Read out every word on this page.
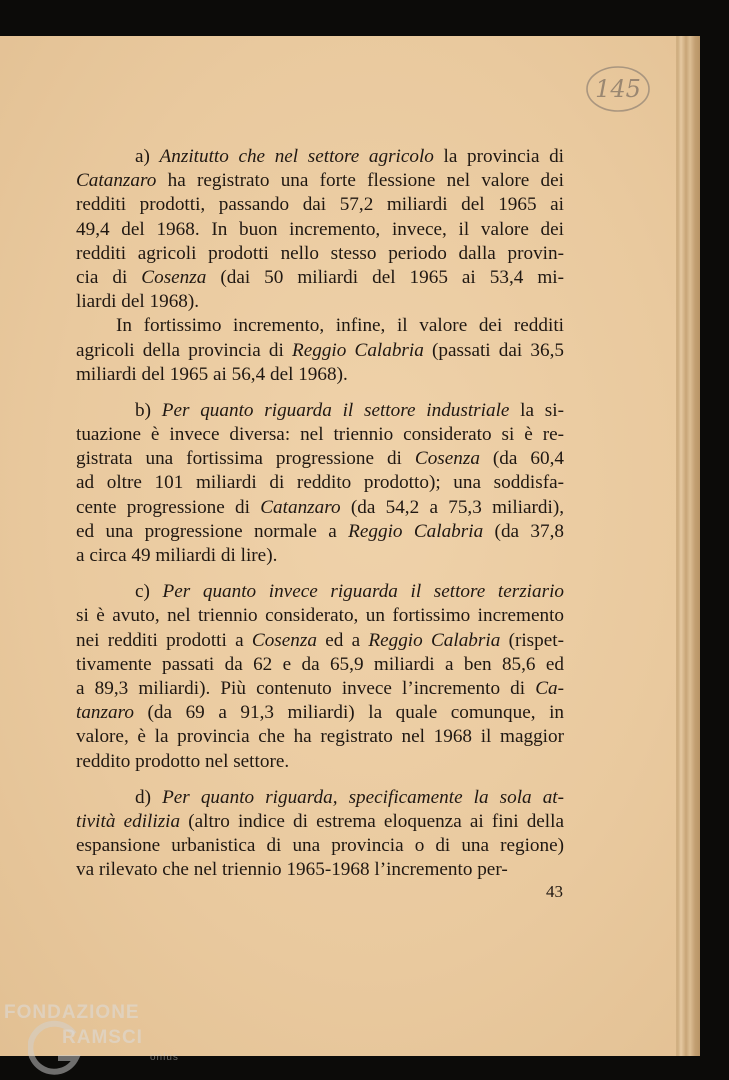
145
a) Anzitutto che nel settore agricolo la provincia di
Catanzaro ha registrato una forte flessione nel valore dei
redditi prodotti, passando dai 57,2 miliardi del 1965 ai
49,4 del 1968. In buon incremento, invece, il valore dei
redditi agricoli prodotti nello stesso periodo dalla provin-
cia di Cosenza (dai 50 miliardi del 1965 ai 53,4 mi-
liardi del 1968).
In fortissimo incremento, infine, il valore dei redditi
agricoli della provincia di Reggio Calabria (passati dai 36,5
miliardi del 1965 ai 56,4 del 1968).
b) Per quanto riguarda il settore industriale la si-
tuazione è invece diversa: nel triennio considerato si è re-
gistrata una fortissima progressione di Cosenza (da 60,4
ad oltre 101 miliardi di reddito prodotto); una soddisfa-
cente progressione di Catanzaro (da 54,2 a 75,3 miliardi),
ed una progressione normale a Reggio Calabria (da 37,8
a circa 49 miliardi di lire).
c) Per quanto invece riguarda il settore terziario
si è avuto, nel triennio considerato, un fortissimo incremento
nei redditi prodotti a Cosenza ed a Reggio Calabria (rispet-
tivamente passati da 62 e da 65,9 miliardi a ben 85,6 ed
a 89,3 miliardi). Più contenuto invece l’incremento di Ca-
tanzaro (da 69 a 91,3 miliardi) la quale comunque, in
valore, è la provincia che ha registrato nel 1968 il maggior
reddito prodotto nel settore.
d) Per quanto riguarda, specificamente la sola at-
tività edilizia (altro indice di estrema eloquenza ai fini della
espansione urbanistica di una provincia o di una regione)
va rilevato che nel triennio 1965-1968 l’incremento per-
43
FONDAZIONE
RAMSCI
onlus
